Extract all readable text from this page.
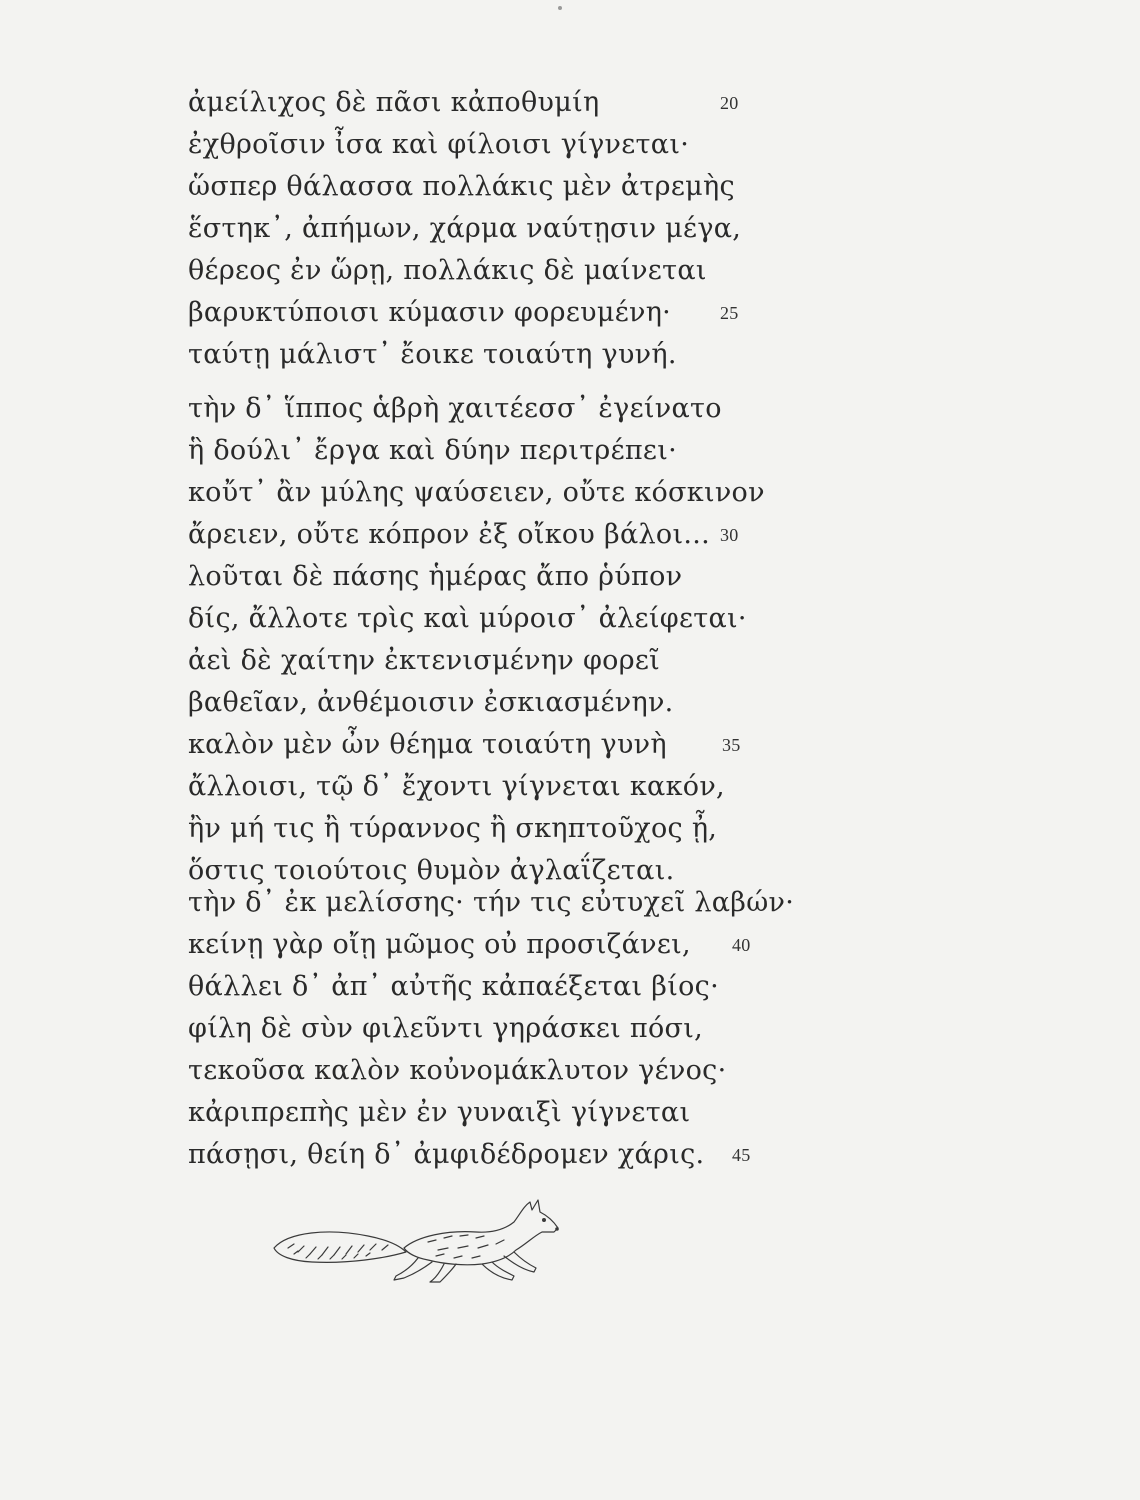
ἀμείλιχος δὲ πᾶσι κἀποθυμίη	20
ἐχθροῖσιν ἶσα καὶ φίλοισι γίγνεται·
ὥσπερ θάλασσα πολλάκις μὲν ἀτρεμὴς
ἕστηκ᾽, ἀπήμων, χάρμα ναύτῃσιν μέγα,
θέρεος ἐν ὥρῃ, πολλάκις δὲ μαίνεται
βαρυκτύποισι κύμασιν φορευμένη·	25
ταύτῃ μάλιστ᾽ ἔοικε τοιαύτη γυνή.
τὴν δ᾽ ἵππος ἁβρὴ χαιτέεσσ᾽ ἐγείνατο
ἣ δούλι᾽ ἔργα καὶ δύην περιτρέπει·
κοὔτ᾽ ἂν μύλης ψαύσειεν, οὔτε κόσκινον
ἄρειεν, οὔτε κόπρον ἐξ οἴκου βάλοι... 30
λοῦται δὲ πάσης ἡμέρας ἄπο ῥύπον
δίς, ἄλλοτε τρὶς καὶ μύροισ᾽ ἀλείφεται·
ἀεὶ δὲ χαίτην ἐκτενισμένην φορεῖ
βαθεῖαν, ἀνθέμοισιν ἐσκιασμένην.
καλὸν μὲν ὦν θέημα τοιαύτη γυνὴ	35
ἄλλοισι, τῷ δ᾽ ἔχοντι γίγνεται κακόν,
ἢν μή τις ἢ τύραννος ἢ σκηπτοῦχος ᾖ,
ὅστις τοιούτοις θυμὸν ἀγλαΐζεται.
τὴν δ᾽ ἐκ μελίσσης· τήν τις εὐτυχεῖ λαβών·
κείνῃ γὰρ οἴῃ μῶμος οὐ προσιζάνει, 40
θάλλει δ᾽ ἀπ᾽ αὐτῆς κἀπαέξεται βίος·
φίλη δὲ σὺν φιλεῦντι γηράσκει πόσι,
τεκοῦσα καλὸν κοὐνομάκλυτον γένος·
κἀριπρεπὴς μὲν ἐν γυναιξὶ γίγνεται
πάσῃσι, θείη δ᾽ ἀμφιδέδρομεν χάρις. 45
